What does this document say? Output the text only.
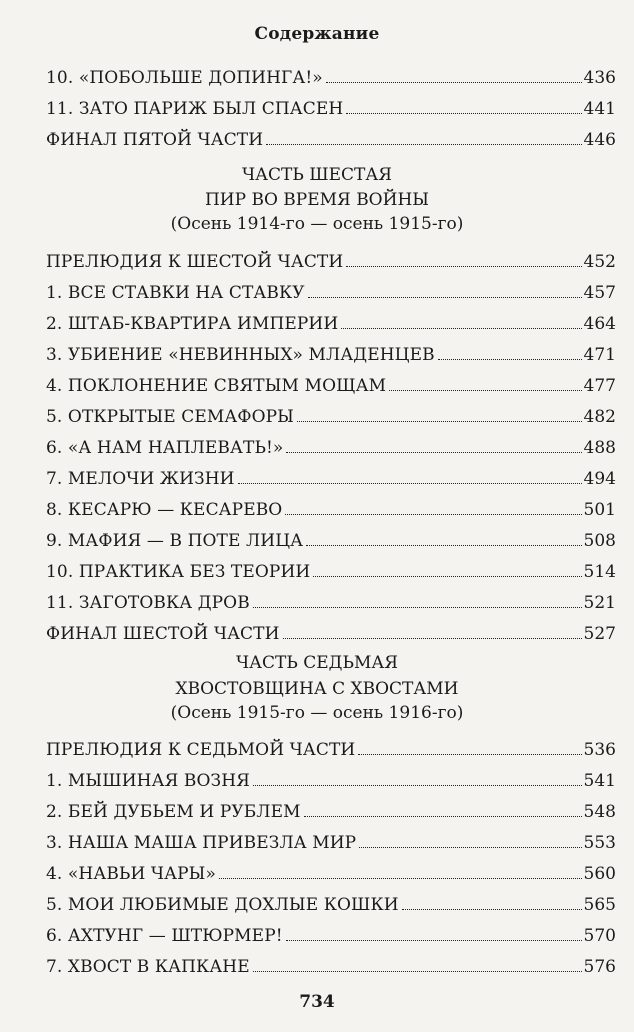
Содержание
10. «ПОБОЛЬШЕ ДОПИНГА!»	436
11. ЗАТО ПАРИЖ БЫЛ СПАСЕН	441
ФИНАЛ ПЯТОЙ ЧАСТИ	446
ЧАСТЬ ШЕСТАЯ
ПИР ВО ВРЕМЯ ВОЙНЫ
(Осень 1914-го — осень 1915-го)
ПРЕЛЮДИЯ К ШЕСТОЙ ЧАСТИ	452
1. ВСЕ СТАВКИ НА СТАВКУ	457
2. ШТАБ-КВАРТИРА ИМПЕРИИ	464
3. УБИЕНИЕ «НЕВИННЫХ» МЛАДЕНЦЕВ	471
4. ПОКЛОНЕНИЕ СВЯТЫМ МОЩАМ	477
5. ОТКРЫТЫЕ СЕМАФОРЫ	482
6. «А НАМ НАПЛЕВАТЬ!»	488
7. МЕЛОЧИ ЖИЗНИ	494
8. КЕСАРЮ — КЕСАРЕВО	501
9. МАФИЯ — В ПОТЕ ЛИЦА	508
10. ПРАКТИКА БЕЗ ТЕОРИИ	514
11. ЗАГОТОВКА ДРОВ	521
ФИНАЛ ШЕСТОЙ ЧАСТИ	527
ЧАСТЬ СЕДЬМАЯ
ХВОСТОВЩИНА С ХВОСТАМИ
(Осень 1915-го — осень 1916-го)
ПРЕЛЮДИЯ К СЕДЬМОЙ ЧАСТИ	536
1. МЫШИНАЯ ВОЗНЯ	541
2. БЕЙ ДУБЬЕМ И РУБЛЕМ	548
3. НАША МАША ПРИВЕЗЛА МИР	553
4. «НАВЬИ ЧАРЫ»	560
5. МОИ ЛЮБИМЫЕ ДОХЛЫЕ КОШКИ	565
6. АХТУНГ — ШТЮРМЕР!	570
7. ХВОСТ В КАПКАНЕ	576
734
